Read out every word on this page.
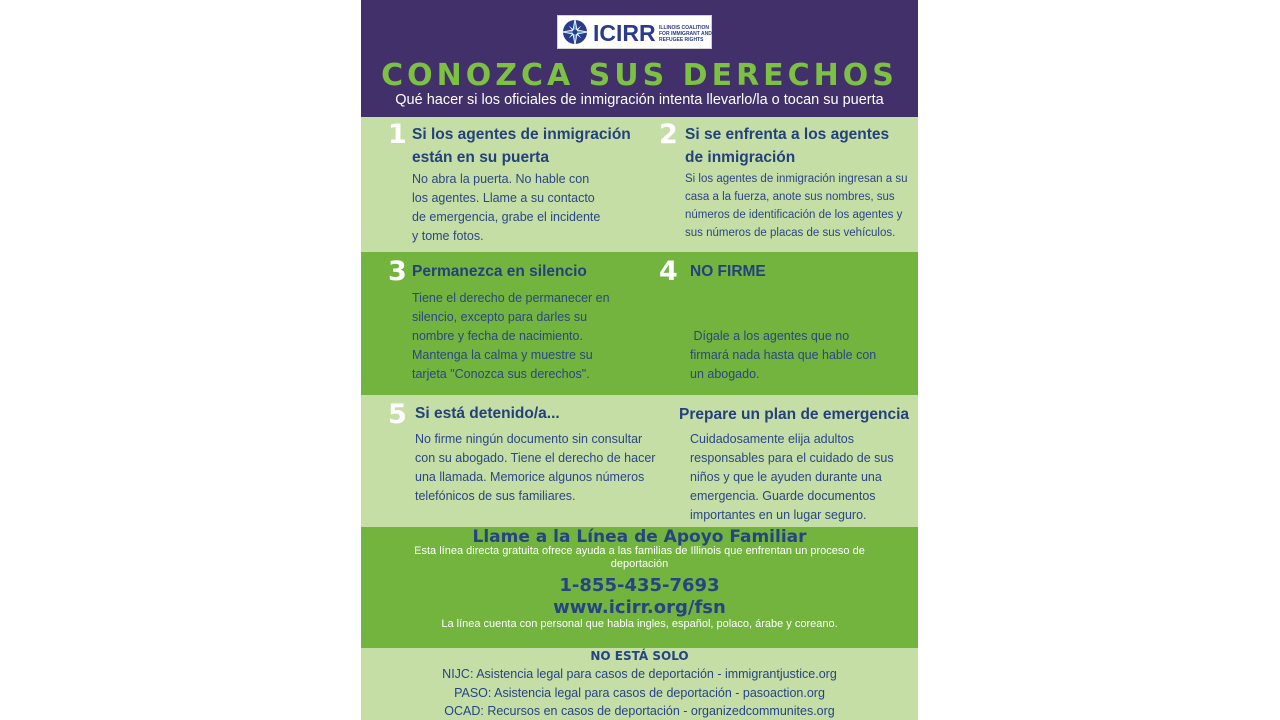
ICIRR ILLINOIS COALITION FOR IMMIGRANT AND REFUGEE RIGHTS
CONOZCA SUS DERECHOS
Qué hacer si los oficiales de inmigración intenta llevarlo/la o tocan su puerta
1 Si los agentes de inmigración
están en su puerta
No abra la puerta. No hable con
los agentes. Llame a su contacto
de emergencia, grabe el incidente
y tome fotos.
2 Si se enfrenta a los agentes
de inmigración
Si los agentes de inmigración ingresan a su
casa a la fuerza, anote sus nombres, sus
números de identificación de los agentes y
sus números de placas de sus vehículos.
3 Permanezca en silencio
Tiene el derecho de permanecer en
silencio, excepto para darles su
nombre y fecha de nacimiento.
Mantenga la calma y muestre su
tarjeta "Conozca sus derechos".
4 NO FIRME

Dígale a los agentes que no
firmará nada hasta que hable con
un abogado.

5 Si está detenido/a...
No firme ningún documento sin consultar
con su abogado. Tiene el derecho de hacer
una llamada. Memorice algunos números
telefónicos de sus familiares.
Prepare un plan de emergencia
Cuidadosamente elija adultos
responsables para el cuidado de sus
niños y que le ayuden durante una
emergencia. Guarde documentos
importantes en un lugar seguro.
Llame a la Línea de Apoyo Familiar
Esta línea directa gratuita ofrece ayuda a las familias de Illinois que enfrentan un proceso de deportación
1-855-435-7693
www.icirr.org/fsn
La línea cuenta con personal que habla ingles, español, polaco, árabe y coreano.
NO ESTÁ SOLO
NIJC: Asistencia legal para casos de deportación - immigrantjustice.org
PASO: Asistencia legal para casos de deportación - pasoaction.org
OCAD: Recursos en casos de deportación - organizedcommunites.org
